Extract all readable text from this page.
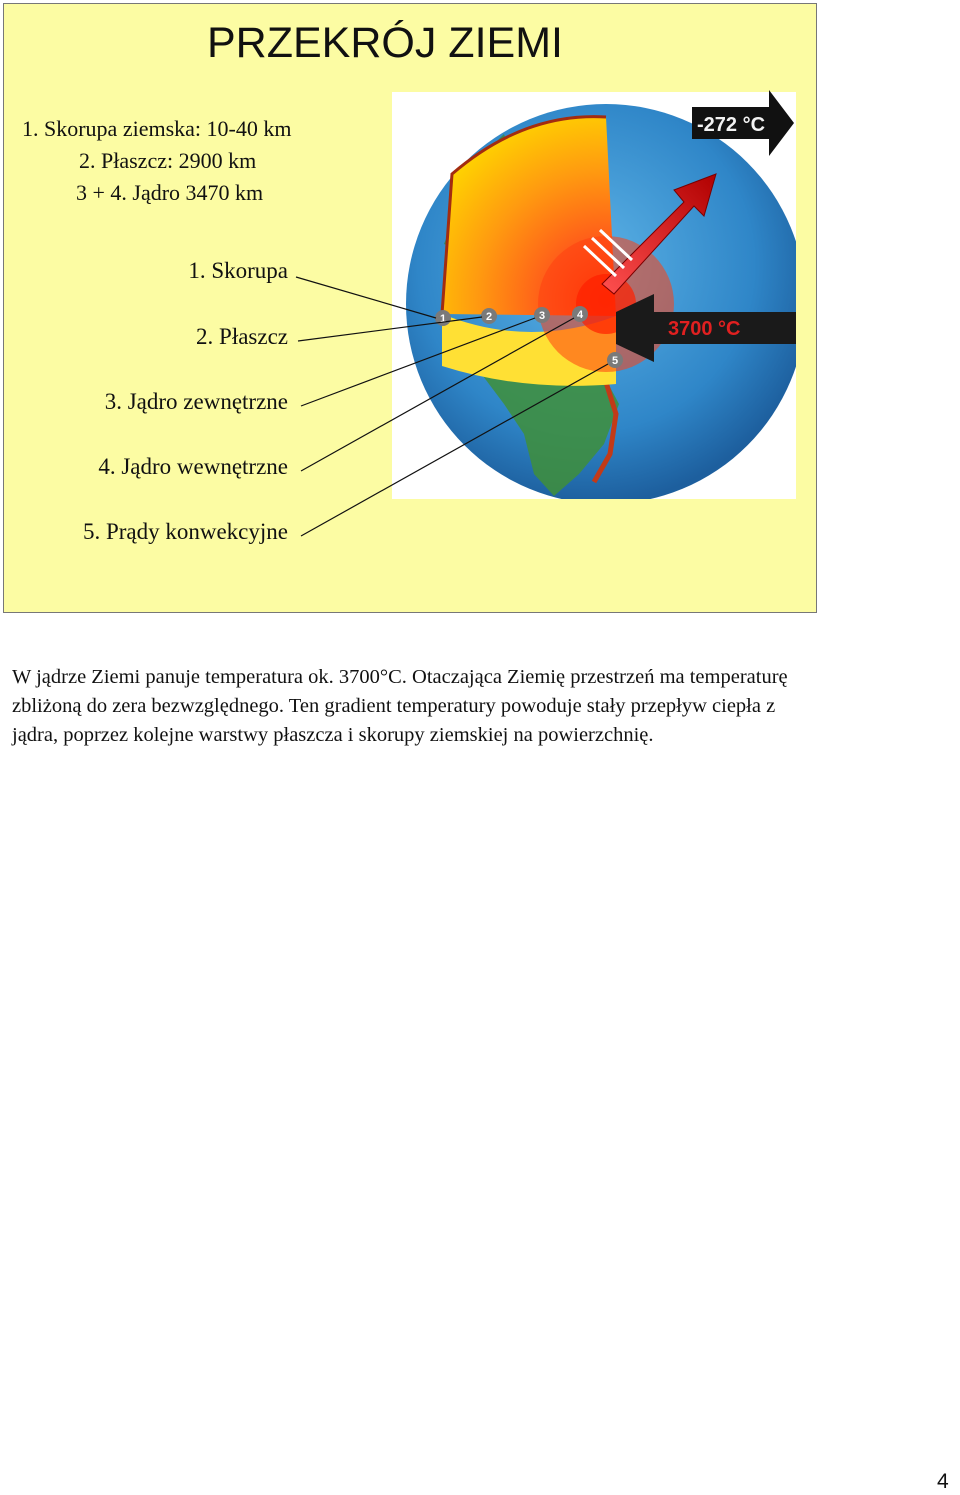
PRZEKRÓJ ZIEMI
1. Skorupa ziemska: 10-40 km
2. Płaszcz: 2900 km
3 + 4. Jądro 3470 km
1. Skorupa
2. Płaszcz
3. Jądro zewnętrzne
4. Jądro wewnętrzne
5. Prądy konwekcyjne
-272 °C
3700 °C
1	2	3	4
5

W jądrze Ziemi panuje temperatura ok. 3700°C. Otaczająca Ziemię przestrzeń ma temperaturę zbliżoną do zera bezwzględnego. Ten gradient temperatury powoduje stały przepływ ciepła z jądra, poprzez kolejne warstwy płaszcza i skorupy ziemskiej na powierzchnię.

4
